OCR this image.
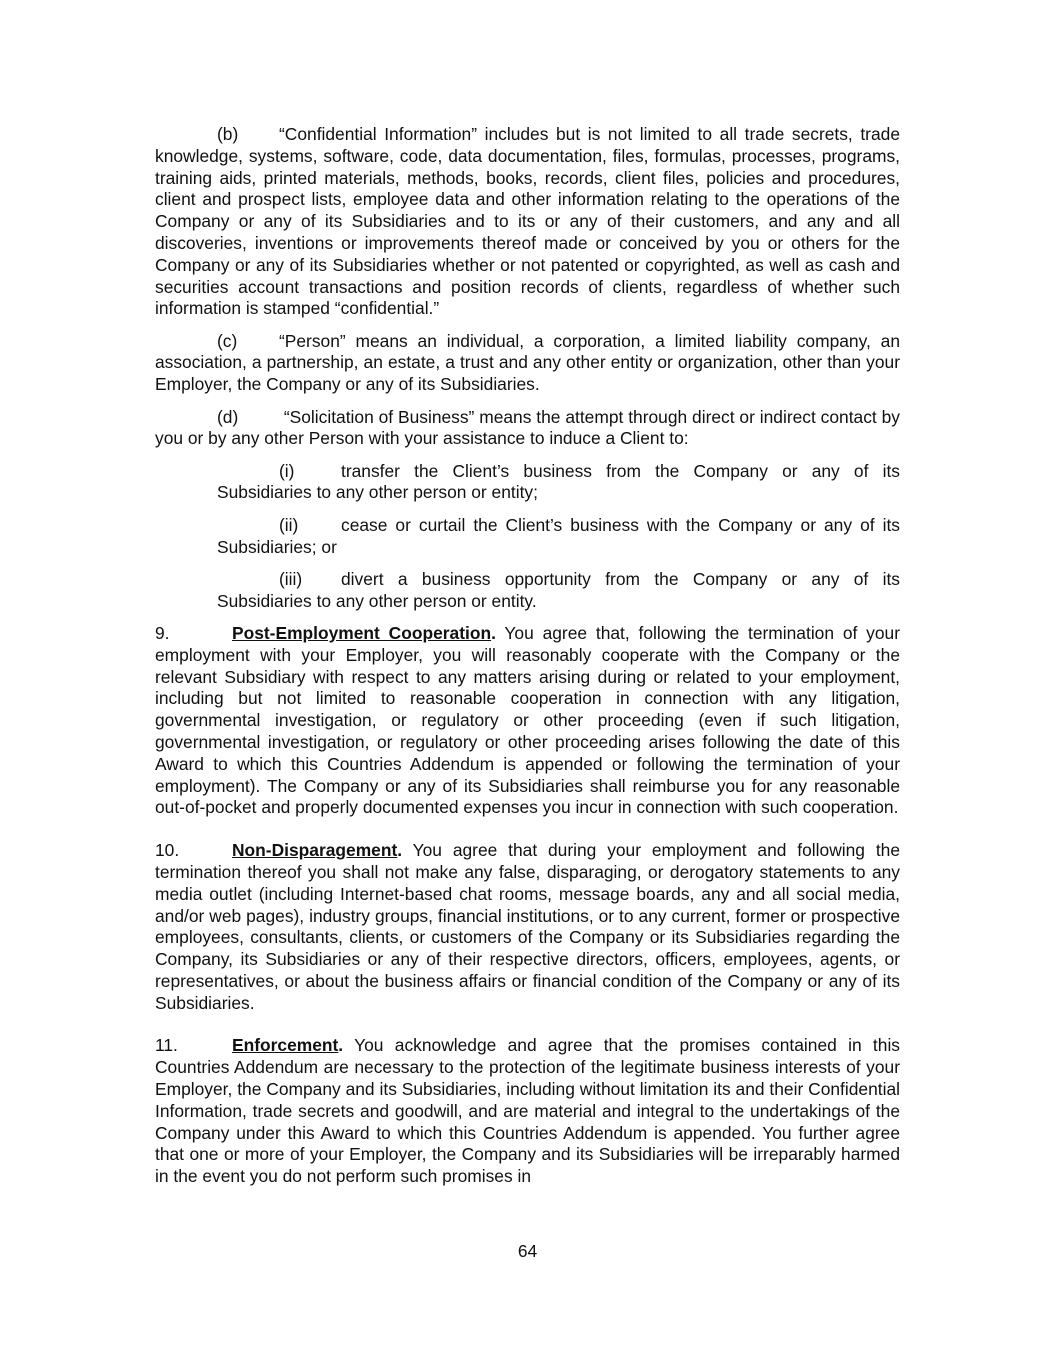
(b) “Confidential Information” includes but is not limited to all trade secrets, trade knowledge, systems, software, code, data documentation, files, formulas, processes, programs, training aids, printed materials, methods, books, records, client files, policies and procedures, client and prospect lists, employee data and other information relating to the operations of the Company or any of its Subsidiaries and to its or any of their customers, and any and all discoveries, inventions or improvements thereof made or conceived by you or others for the Company or any of its Subsidiaries whether or not patented or copyrighted, as well as cash and securities account transactions and position records of clients, regardless of whether such information is stamped “confidential.”

(c) “Person” means an individual, a corporation, a limited liability company, an association, a partnership, an estate, a trust and any other entity or organization, other than your Employer, the Company or any of its Subsidiaries.

(d) “Solicitation of Business” means the attempt through direct or indirect contact by you or by any other Person with your assistance to induce a Client to:

(i)	transfer the Client’s business from the Company or any of its Subsidiaries to any other person or entity;

(ii) cease or curtail the Client’s business with the Company or any of its Subsidiaries; or

(iii) divert a business opportunity from the Company or any of its Subsidiaries to any other person or entity.

9.	Post-Employment Cooperation. You agree that, following the termination of your employment with your Employer, you will reasonably cooperate with the Company or the relevant Subsidiary with respect to any matters arising during or related to your employment, including but not limited to reasonable cooperation in connection with any litigation, governmental investigation, or regulatory or other proceeding (even if such litigation, governmental investigation, or regulatory or other proceeding arises following the date of this Award to which this Countries Addendum is appended or following the termination of your employment). The Company or any of its Subsidiaries shall reimburse you for any reasonable out-of-pocket and properly documented expenses you incur in connection with such cooperation.

10.	Non-Disparagement. You agree that during your employment and following the termination thereof you shall not make any false, disparaging, or derogatory statements to any media outlet (including Internet-based chat rooms, message boards, any and all social media, and/or web pages), industry groups, financial institutions, or to any current, former or prospective employees, consultants, clients, or customers of the Company or its Subsidiaries regarding the Company, its Subsidiaries or any of their respective directors, officers, employees, agents, or representatives, or about the business affairs or financial condition of the Company or any of its Subsidiaries.

11.	Enforcement. You acknowledge and agree that the promises contained in this Countries Addendum are necessary to the protection of the legitimate business interests of your Employer, the Company and its Subsidiaries, including without limitation its and their Confidential Information, trade secrets and goodwill, and are material and integral to the undertakings of the Company under this Award to which this Countries Addendum is appended. You further agree that one or more of your Employer, the Company and its Subsidiaries will be irreparably harmed in the event you do not perform such promises in

64
